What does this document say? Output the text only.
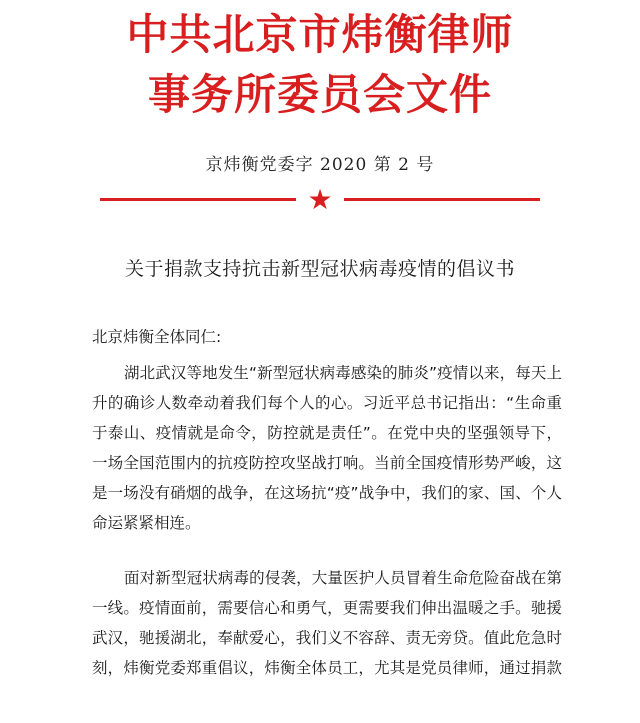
中共北京市炜衡律师
事务所委员会文件
京炜衡党委字 2020 第 2 号
★
关于捐款支持抗击新型冠状病毒疫情的倡议书
北京炜衡全体同仁:
湖北武汉等地发生“新型冠状病毒感染的肺炎”疫情以来，每天上
升的确诊人数牵动着我们每个人的心。习近平总书记指出：“生命重
于泰山、疫情就是命令，防控就是责任”。在党中央的坚强领导下，
一场全国范围内的抗疫防控攻坚战打响。当前全国疫情形势严峻，这
是一场没有硝烟的战争，在这场抗“疫”战争中，我们的家、国、个人
命运紧紧相连。
面对新型冠状病毒的侵袭，大量医护人员冒着生命危险奋战在第
一线。疫情面前，需要信心和勇气，更需要我们伸出温暖之手。驰援
武汉，驰援湖北，奉献爱心，我们义不容辞、责无旁贷。值此危急时
刻，炜衡党委郑重倡议，炜衡全体员工，尤其是党员律师，通过捐款
